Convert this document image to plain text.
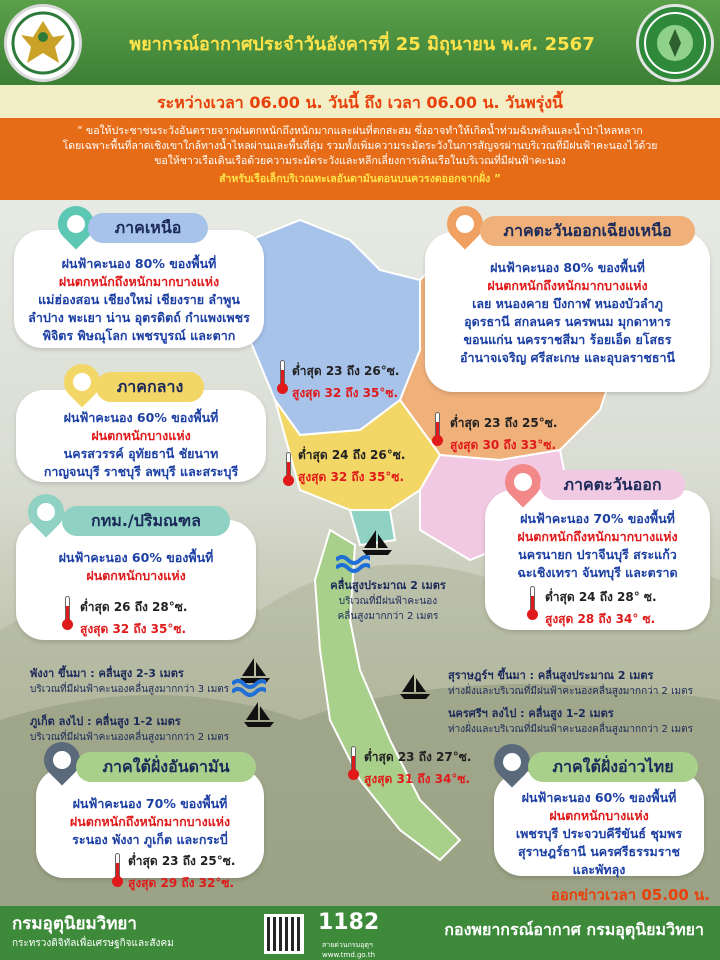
พยากรณ์อากาศประจำวันอังคารที่ 25 มิถุนายน พ.ศ. 2567
ระหว่างเวลา 06.00 น. วันนี้ ถึง เวลา 06.00 น. วันพรุ่งนี้

“ ขอให้ประชาชนระวังอันตรายจากฝนตกหนักถึงหนักมากและฝนที่ตกสะสม ซึ่งอาจทำให้เกิดน้ำท่วมฉับพลันและน้ำป่าไหลหลาก

โดยเฉพาะพื้นที่ลาดเชิงเขาใกล้ทางน้ำไหลผ่านและพื้นที่ลุ่ม รวมทั้งเพิ่มความระมัดระวังในการสัญจรผ่านบริเวณที่มีฝนฟ้าคะนองไว้ด้วย

ขอให้ชาวเรือเดินเรือด้วยความระมัดระวังและหลีกเลี่ยงการเดินเรือในบริเวณที่มีฝนฟ้าคะนอง

สำหรับเรือเล็กบริเวณทะเลอันดามันตอนบนควรงดออกจากฝั่ง ”

ภาคเหนือ
ฝนฟ้าคะนอง 80% ของพื้นที่
ฝนตกหนักถึงหนักมากบางแห่ง
แม่ฮ่องสอน เชียงใหม่ เชียงราย ลำพูน
ลำปาง พะเยา น่าน อุตรดิตถ์ กำแพงเพชร
พิจิตร พิษณุโลก เพชรบูรณ์ และตาก
ต่ำสุด 23 ถึง 26°ซ.
สูงสุด 32 ถึง 35°ซ.
ภาคตะวันออกเฉียงเหนือ
ฝนฟ้าคะนอง 80% ของพื้นที่
ฝนตกหนักถึงหนักมากบางแห่ง
เลย หนองคาย บึงกาฬ หนองบัวลำภู
อุดรธานี สกลนคร นครพนม มุกดาหาร
ขอนแก่น นครราชสีมา ร้อยเอ็ด ยโสธร
อำนาจเจริญ ศรีสะเกษ และอุบลราชธานี
ต่ำสุด 23 ถึง 25°ซ.
สูงสุด 30 ถึง 33°ซ.
ภาคกลาง
ฝนฟ้าคะนอง 60% ของพื้นที่
ฝนตกหนักบางแห่ง
นครสวรรค์ อุทัยธานี ชัยนาท
กาญจนบุรี ราชบุรี ลพบุรี และสระบุรี
ต่ำสุด 24 ถึง 26°ซ.
สูงสุด 32 ถึง 35°ซ.	ภาคตะวันออก
ฝนฟ้าคะนอง 70% ของพื้นที่
ฝนตกหนักถึงหนักมากบางแห่ง
นครนายก ปราจีนบุรี สระแก้ว
ฉะเชิงเทรา จันทบุรี และตราด
ต่ำสุด 24 ถึง 28° ซ.
สูงสุด 28 ถึง 34° ซ.
กทม./ปริมณฑล
ฝนฟ้าคะนอง 60% ของพื้นที่
ฝนตกหนักบางแห่ง
ต่ำสุด 26 ถึง 28°ซ.
สูงสุด 32 ถึง 35°ซ.
คลื่นสูงประมาณ 2 เมตร
บริเวณที่มีฝนฟ้าคะนอง
คลื่นสูงมากกว่า 2 เมตร
พังงา ขึ้นมา : คลื่นสูง 2-3 เมตร
บริเวณที่มีฝนฟ้าคะนองคลื่นสูงมากกว่า 3 เมตร
ภูเก็ต ลงไป : คลื่นสูง 1-2 เมตร
บริเวณที่มีฝนฟ้าคะนองคลื่นสูงมากกว่า 2 เมตร
สุราษฎร์ฯ ขึ้นมา : คลื่นสูงประมาณ 2 เมตร
ห่างฝั่งและบริเวณที่มีฝนฟ้าคะนองคลื่นสูงมากกว่า 2 เมตร
นครศรีฯ ลงไป : คลื่นสูง 1-2 เมตร
ห่างฝั่งและบริเวณที่มีฝนฟ้าคะนองคลื่นสูงมากกว่า 2 เมตร
ภาคใต้ฝั่งอันดามัน
ฝนฟ้าคะนอง 70% ของพื้นที่
ฝนตกหนักถึงหนักมากบางแห่ง
ระนอง พังงา ภูเก็ต และกระบี่
ต่ำสุด 23 ถึง 25°ซ.
สูงสุด 29 ถึง 32°ซ.
ต่ำสุด 23 ถึง 27°ซ.
สูงสุด 31 ถึง 34°ซ.
ภาคใต้ฝั่งอ่าวไทย
ฝนฟ้าคะนอง 60% ของพื้นที่
ฝนตกหนักบางแห่ง
เพชรบุรี ประจวบคีรีขันธ์ ชุมพร
สุราษฎร์ธานี นครศรีธรรมราช
และพัทลุง
ออกข่าวเวลา 05.00 น.
กรมอุตุนิยมวิทยา
กระทรวงดิจิทัลเพื่อเศรษฐกิจและสังคม
1182
สายด่วนกรมอุตุฯ
www.tmd.go.th
กองพยากรณ์อากาศ กรมอุตุนิยมวิทยา
